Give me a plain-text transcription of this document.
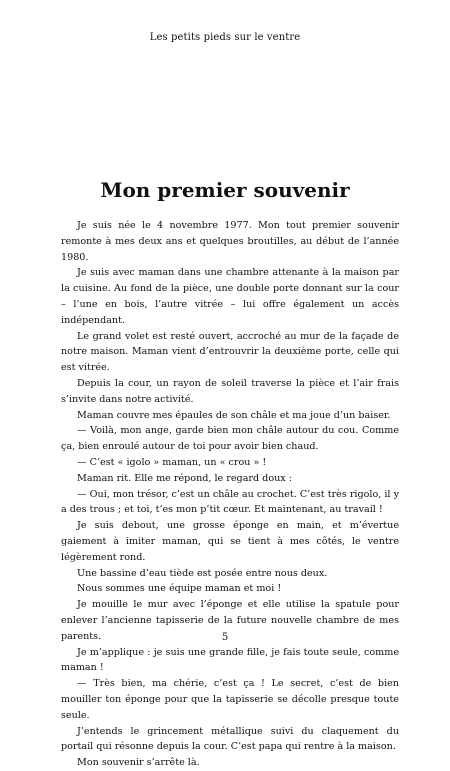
Les petits pieds sur le ventre
Mon premier souvenir

Je suis née le 4 novembre 1977. Mon tout premier souvenir remonte à mes deux ans et quelques broutilles, au début de l’année 1980.

Je suis avec maman dans une chambre attenante à la maison par la cuisine. Au fond de la pièce, une double porte donnant sur la cour – l’une en bois, l’autre vitrée – lui offre également un accès indépendant.

Le grand volet est resté ouvert, accroché au mur de la façade de notre maison. Maman vient d’entrouvrir la deuxième porte, celle qui est vitrée.

Depuis la cour, un rayon de soleil traverse la pièce et l’air frais s’invite dans notre activité.

Maman couvre mes épaules de son châle et ma joue d’un baiser.

— Voilà, mon ange, garde bien mon châle autour du cou. Comme ça, bien enroulé autour de toi pour avoir bien chaud.

— C’est « igolo » maman, un « crou » !

Maman rit. Elle me répond, le regard doux :

— Oui, mon trésor, c’est un châle au crochet. C’est très rigolo, il y a des trous ; et toi, t’es mon p’tit cœur. Et maintenant, au travail !

Je suis debout, une grosse éponge en main, et m’évertue gaiement à imiter maman, qui se tient à mes côtés, le ventre légèrement rond.

Une bassine d’eau tiède est posée entre nous deux.

Nous sommes une équipe maman et moi !

Je mouille le mur avec l’éponge et elle utilise la spatule pour enlever l’ancienne tapisserie de la future nouvelle chambre de mes parents.

Je m’applique : je suis une grande fille, je fais toute seule, comme maman !

— Très bien, ma chérie, c’est ça ! Le secret, c’est de bien mouiller ton éponge pour que la tapisserie se décolle presque toute seule.

J’entends le grincement métallique suivi du claquement du portail qui résonne depuis la cour. C’est papa qui rentre à la maison.

Mon souvenir s’arrête là.

5
